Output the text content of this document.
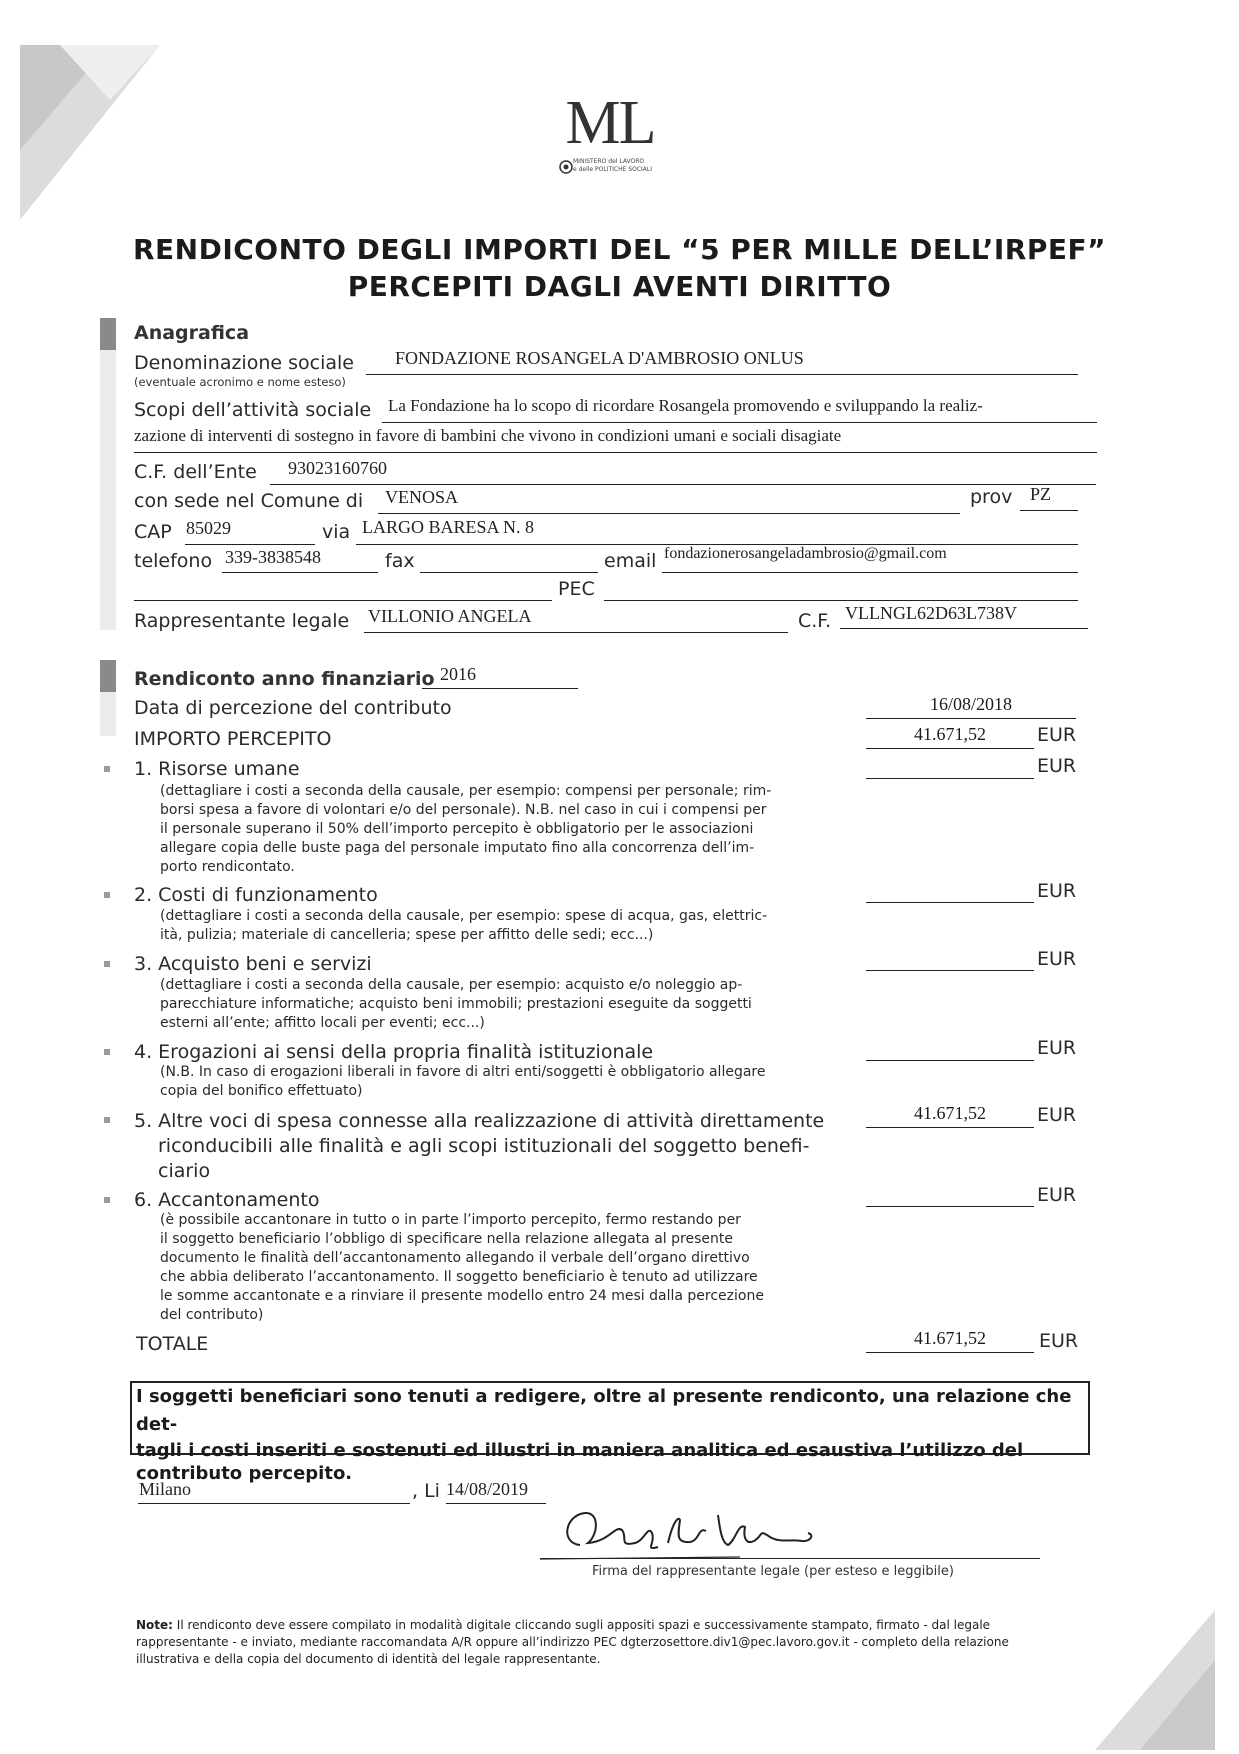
ML
MINISTERO del LAVORO
e delle POLITICHE SOCIALI
RENDICONTO DEGLI IMPORTI DEL “5 PER MILLE DELL’IRPEF”
PERCEPITI DAGLI AVENTI DIRITTO
Anagrafica
Denominazione sociale
(eventuale acronimo e nome esteso)
FONDAZIONE ROSANGELA D'AMBROSIO ONLUS
Scopi dell’attività sociale La Fondazione ha lo scopo di ricordare Rosangela promovendo e sviluppando la realiz-
zazione di interventi di sostegno in favore di bambini che vivono in condizioni umani e sociali disagiate
C.F. dell’Ente 93023160760
con sede nel Comune di VENOSA	prov PZ
CAP 85029	via LARGO BARESA N. 8
telefono 339-3838548	fax	email fondazionerosangeladambrosio@gmail.com
PEC
Rappresentante legale VILLONIO ANGELA	C.F. VLLNGL62D63L738V
Rendiconto anno finanziario 2016
Data di percezione del contributo	16/08/2018
IMPORTO PERCEPITO	41.671,52	EUR
1. Risorse umane	EUR
(dettagliare i costi a seconda della causale, per esempio: compensi per personale; rim-
borsi spesa a favore di volontari e/o del personale). N.B. nel caso in cui i compensi per
il personale superano il 50% dell’importo percepito è obbligatorio per le associazioni
allegare copia delle buste paga del personale imputato fino alla concorrenza dell’im-
porto rendicontato.
2. Costi di funzionamento	EUR
(dettagliare i costi a seconda della causale, per esempio: spese di acqua, gas, elettric-
ità, pulizia; materiale di cancelleria; spese per affitto delle sedi; ecc...)
3. Acquisto beni e servizi	EUR
(dettagliare i costi a seconda della causale, per esempio: acquisto e/o noleggio ap-
parecchiature informatiche; acquisto beni immobili; prestazioni eseguite da soggetti
esterni all’ente; affitto locali per eventi; ecc...)
4. Erogazioni ai sensi della propria finalità istituzionale	EUR
(N.B. In caso di erogazioni liberali in favore di altri enti/soggetti è obbligatorio allegare
copia del bonifico effettuato)
5. Altre voci di spesa connesse alla realizzazione di attività direttamente
riconducibili alle finalità e agli scopi istituzionali del soggetto benefi-
ciario
41.671,52	EUR
6. Accantonamento	EUR
(è possibile accantonare in tutto o in parte l’importo percepito, fermo restando per
il soggetto beneficiario l’obbligo di specificare nella relazione allegata al presente
documento le finalità dell’accantonamento allegando il verbale dell’organo direttivo
che abbia deliberato l’accantonamento. Il soggetto beneficiario è tenuto ad utilizzare
le somme accantonate e a rinviare il presente modello entro 24 mesi dalla percezione
del contributo)
TOTALE	41.671,52	EUR
I soggetti beneficiari sono tenuti a redigere, oltre al presente rendiconto, una relazione che det-
tagli i costi inseriti e sostenuti ed illustri in maniera analitica ed esaustiva l’utilizzo del
contributo percepito.
Milano	, Li 14/08/2019
Firma del rappresentante legale (per esteso e leggibile)
Note: Il rendiconto deve essere compilato in modalità digitale cliccando sugli appositi spazi e successivamente stampato, firmato - dal legale
rappresentante - e inviato, mediante raccomandata A/R oppure all’indirizzo PEC dgterzosettore.div1@pec.lavoro.gov.it - completo della relazione
illustrativa e della copia del documento di identità del legale rappresentante.
